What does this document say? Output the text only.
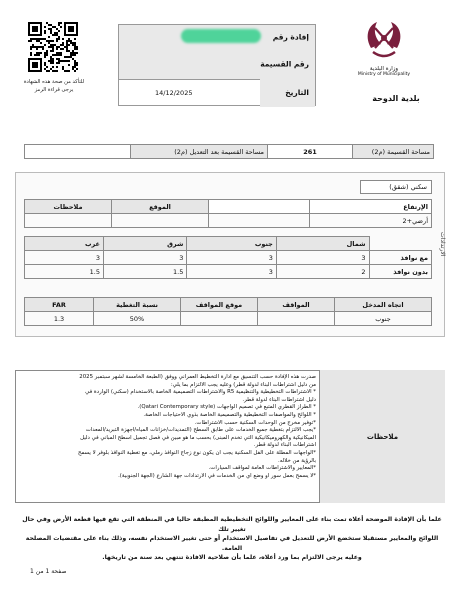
للتأكد من صحة هذه الشهادة يرجى قراءة الرمز
إفادة رقم
رقم القسيمة
التاريخ
14/12/2025
وزارة البلدية
Ministry of Municipality
بلدية الدوحة
مساحة القسيمة (م2)	261	مساحة القسيمة بعد التعديل (م2)	
سكني (شقق)
الإرتفاع		الموقع	ملاحظات
أرضي+2			
الارتدادات
	شمال	جنوب	شرق	غرب
مع نوافذ	3	3	3	3
بدون نوافذ	2	3	1.5	1.5
اتجاه المدخل	المواقف	موقع المواقف	نسبة التغطية	FAR
جنوب			50%	1.3
ملاحظات
صدرت هذه الإفادة حسب التنسيق مع ادارة التخطيط العمراني ووفق (الطبعة الخامسة لشهر سبتمبر 2025
من دليل اشتراطات البناء لدولة قطر) وعليه يجب الالتزام بما يلي:
* الاشتراطات التخطيطية والتنظيمية R5 والاشتراطات التصميمية الخاصة بالاستخدام (سكني) الواردة في
دليل اشتراطات البناء لدولة قطر.
* الطراز القطري المتبع في تصميم الواجهات (Qatari Contemporary style).
* اللوائح والمواصفات التخطيطية والتصميمية الخاصة بذوي الاحتياجات الخاصة.
*توفير مخرج من الوحدات السكنية حسب الاشتراطات.
*يجب الالتزام بتغطية جميع الخدمات على طابق السطح (التمديدات/خزانات المياه/أجهزة التبريد/المعدات
الميكانيكية والكهروميكانيكية التي تخدم المبنى) بحسب ما هو مبين في فصل تجميل أسطح المباني في دليل
اشتراطات البناء لدولة قطر.
*الواجهات المطلة على الفل السكنية يجب أن يكون نوع زجاج النوافذ رملي، مع تغطية النوافذ بلوفر لا يسمح
بالرؤية من خلاله.
*المعايير والاشتراطات العامة لمواقف السيارات.
*لا يسمح بعمل سور أو وضع أي من الخدمات في الارتدادات جهة الشارع (الجهة الجنوبية).
علما بأن الإفادة الموضحة أعلاه تمت بناء على المعايير واللوائح التخطيطية المطبقة حاليا في المنطقة التي تقع فيها قطعة الأرض وفي حال تغيير تلك
اللوائح والمعايير مستقبلا ستخضع الأرض للتعديل في تفاصيل الاستخدام أو حتى تغيير الاستخدام نفسه، وذلك بناء على مقتضيات المصلحة العامة.
وعليه يرجى الالتزام بما ورد أعلاه، علما بأن صلاحية الافادة تنتهي بعد سنة من تاريخها.
صفحة 1 من 1
